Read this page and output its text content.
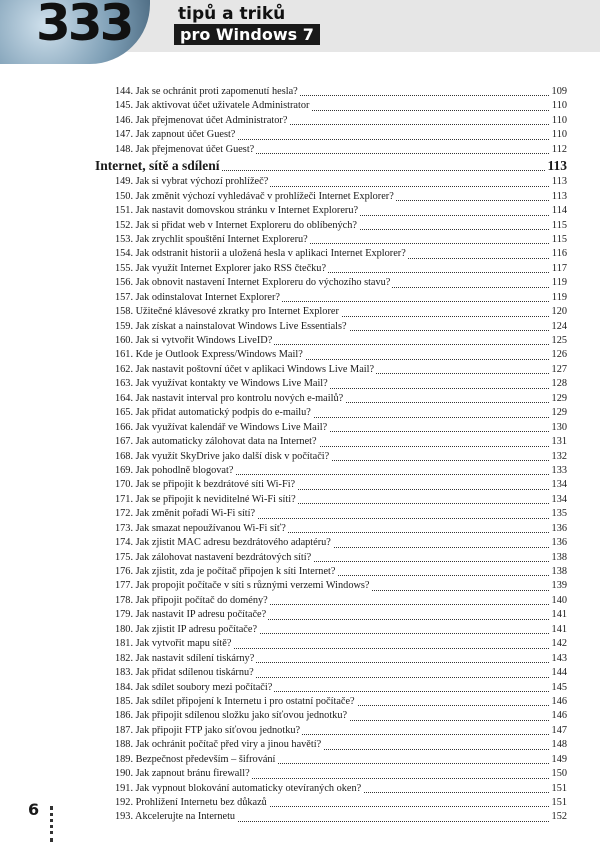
333	tipů a triků
pro Windows 7
144. Jak se ochránit proti zapomenutí hesla?	109
145. Jak aktivovat účet uživatele Administrator	110
146. Jak přejmenovat účet Administrator?	110
147. Jak zapnout účet Guest?	110
148. Jak přejmenovat účet Guest?	112
Internet, sítě a sdílení	113
149. Jak si vybrat výchozí prohlížeč?	113
150. Jak změnit výchozí vyhledávač v prohlížeči Internet Explorer?	113
151. Jak nastavit domovskou stránku v Internet Exploreru?	114
152. Jak si přidat web v Internet Exploreru do oblíbených?	115
153. Jak zrychlit spouštění Internet Exploreru?	115
154. Jak odstranit historii a uložená hesla v aplikaci Internet Explorer?	116
155. Jak využít Internet Explorer jako RSS čtečku?	117
156. Jak obnovit nastavení Internet Exploreru do výchozího stavu?	119
157. Jak odinstalovat Internet Explorer?	119
158. Užitečné klávesové zkratky pro Internet Explorer	120
159. Jak získat a nainstalovat Windows Live Essentials?	124
160. Jak si vytvořit Windows LiveID?	125
161. Kde je Outlook Express/Windows Mail?	126
162. Jak nastavit poštovní účet v aplikaci Windows Live Mail?	127
163. Jak využívat kontakty ve Windows Live Mail?	128
164. Jak nastavit interval pro kontrolu nových e-mailů?	129
165. Jak přidat automatický podpis do e-mailu?	129
166. Jak využívat kalendář ve Windows Live Mail?	130
167. Jak automaticky zálohovat data na Internet?	131
168. Jak využít SkyDrive jako další disk v počítači?	132
169. Jak pohodlně blogovat?	133
170. Jak se připojit k bezdrátové síti Wi-Fi?	134
171. Jak se připojit k neviditelné Wi-Fi síti?	134
172. Jak změnit pořadí Wi-Fi sítí?	135
173. Jak smazat nepoužívanou Wi-Fi síť?	136
174. Jak zjistit MAC adresu bezdrátového adaptéru?	136
175. Jak zálohovat nastavení bezdrátových sítí?	138
176. Jak zjistit, zda je počítač připojen k síti Internet?	138
177. Jak propojit počítače v síti s různými verzemi Windows?	139
178. Jak připojit počítač do domény?	140
179. Jak nastavit IP adresu počítače?	141
180. Jak zjistit IP adresu počítače?	141
181. Jak vytvořit mapu sítě?	142
182. Jak nastavit sdílení tiskárny?	143
183. Jak přidat sdílenou tiskárnu?	144
184. Jak sdílet soubory mezi počítači?	145
185. Jak sdílet připojení k Internetu i pro ostatní počítače?	146
186. Jak připojit sdílenou složku jako síťovou jednotku?	146
187. Jak připojit FTP jako síťovou jednotku?	147
188. Jak ochránit počítač před viry a jinou havětí?	148
189. Bezpečnost především – šifrování	149
190. Jak zapnout bránu firewall?	150
191. Jak vypnout blokování automaticky otevíraných oken?	151
192. Prohlížení Internetu bez důkazů	151
193. Akcelerujte na Internetu	152
6
